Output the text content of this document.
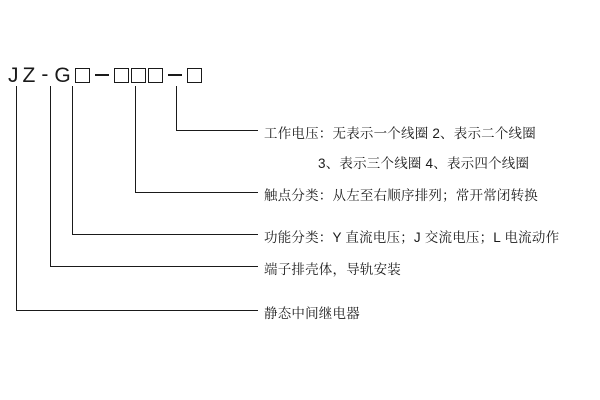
J Z - G
工作电压：无表示一个线圈 2、表示二个线圈
3、表示三个线圈 4、表示四个线圈
触点分类：从左至右顺序排列；常开常闭转换
功能分类：Y 直流电压；J 交流电压；L 电流动作
端子排壳体，导轨安装
静态中间继电器
